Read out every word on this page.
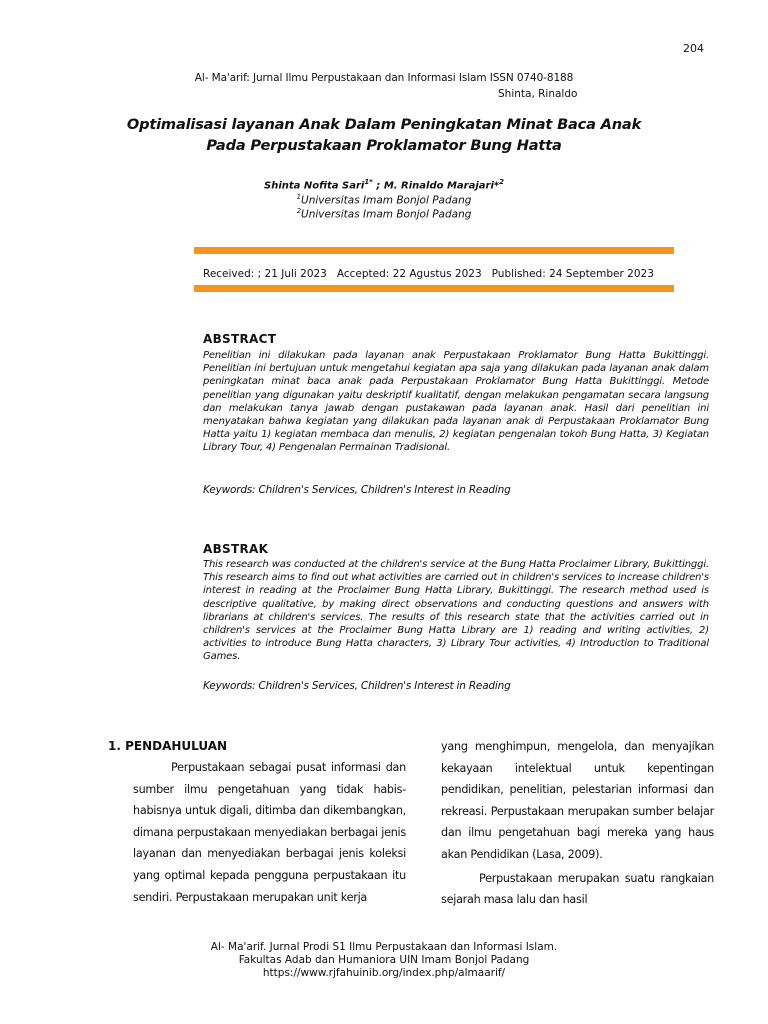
204
Al- Ma'arif: Jurnal Ilmu Perpustakaan dan Informasi Islam ISSN 0740-8188
Shinta, Rinaldo
Optimalisasi layanan Anak Dalam Peningkatan Minat Baca Anak
Pada Perpustakaan Proklamator Bung Hatta
Shinta Nofita Sari$^{1*}$ ; M. Rinaldo Marajari*$^2$
$^1$Universitas Imam Bonjol Padang
$^2$Universitas Imam Bonjol Padang
Received: ; 21 Juli 2023   Accepted: 22 Agustus 2023   Published: 24 September 2023
ABSTRACT
Penelitian ini dilakukan pada layanan anak Perpustakaan Proklamator Bung Hatta Bukittinggi. Penelitian ini bertujuan untuk mengetahui kegiatan apa saja yang dilakukan pada layanan anak dalam peningkatan minat baca anak pada Perpustakaan Proklamator Bung Hatta Bukittinggi. Metode penelitian yang digunakan yaitu deskriptif kualitatif, dengan melakukan pengamatan secara langsung dan melakukan tanya jawab dengan pustakawan pada layanan anak. Hasil dari penelitian ini menyatakan bahwa kegiatan yang dilakukan pada layanan anak di Perpustakaan Proklamator Bung Hatta yaitu 1) kegiatan membaca dan menulis, 2) kegiatan pengenalan tokoh Bung Hatta, 3) Kegiatan Library Tour, 4) Pengenalan Permainan Tradisional.
Keywords: Children's Services, Children's Interest in Reading
ABSTRAK
This research was conducted at the children's service at the Bung Hatta Proclaimer Library, Bukittinggi. This research aims to find out what activities are carried out in children's services to increase children's interest in reading at the Proclaimer Bung Hatta Library, Bukittinggi. The research method used is descriptive qualitative, by making direct observations and conducting questions and answers with librarians at children's services. The results of this research state that the activities carried out in children's services at the Proclaimer Bung Hatta Library are 1) reading and writing activities, 2) activities to introduce Bung Hatta characters, 3) Library Tour activities, 4) Introduction to Traditional Games.
Keywords: Children's Services, Children's Interest in Reading
1. PENDAHULUAN

Perpustakaan sebagai pusat informasi dan sumber ilmu pengetahuan yang tidak habis-habisnya untuk digali, ditimba dan dikembangkan, dimana perpustakaan menyediakan berbagai jenis layanan dan menyediakan berbagai jenis koleksi yang optimal kepada pengguna perpustakaan itu sendiri. Perpustakaan merupakan unit kerja

yang menghimpun, mengelola, dan menyajikan kekayaan intelektual untuk kepentingan pendidikan, penelitian, pelestarian informasi dan rekreasi. Perpustakaan merupakan sumber belajar dan ilmu pengetahuan bagi mereka yang haus akan Pendidikan (Lasa, 2009).

Perpustakaan merupakan suatu rangkaian sejarah masa lalu dan hasil

Al- Ma'arif. Jurnal Prodi S1 Ilmu Perpustakaan dan Informasi Islam.
Fakultas Adab dan Humaniora UIN Imam Bonjol Padang
https://www.rjfahuinib.org/index.php/almaarif/
